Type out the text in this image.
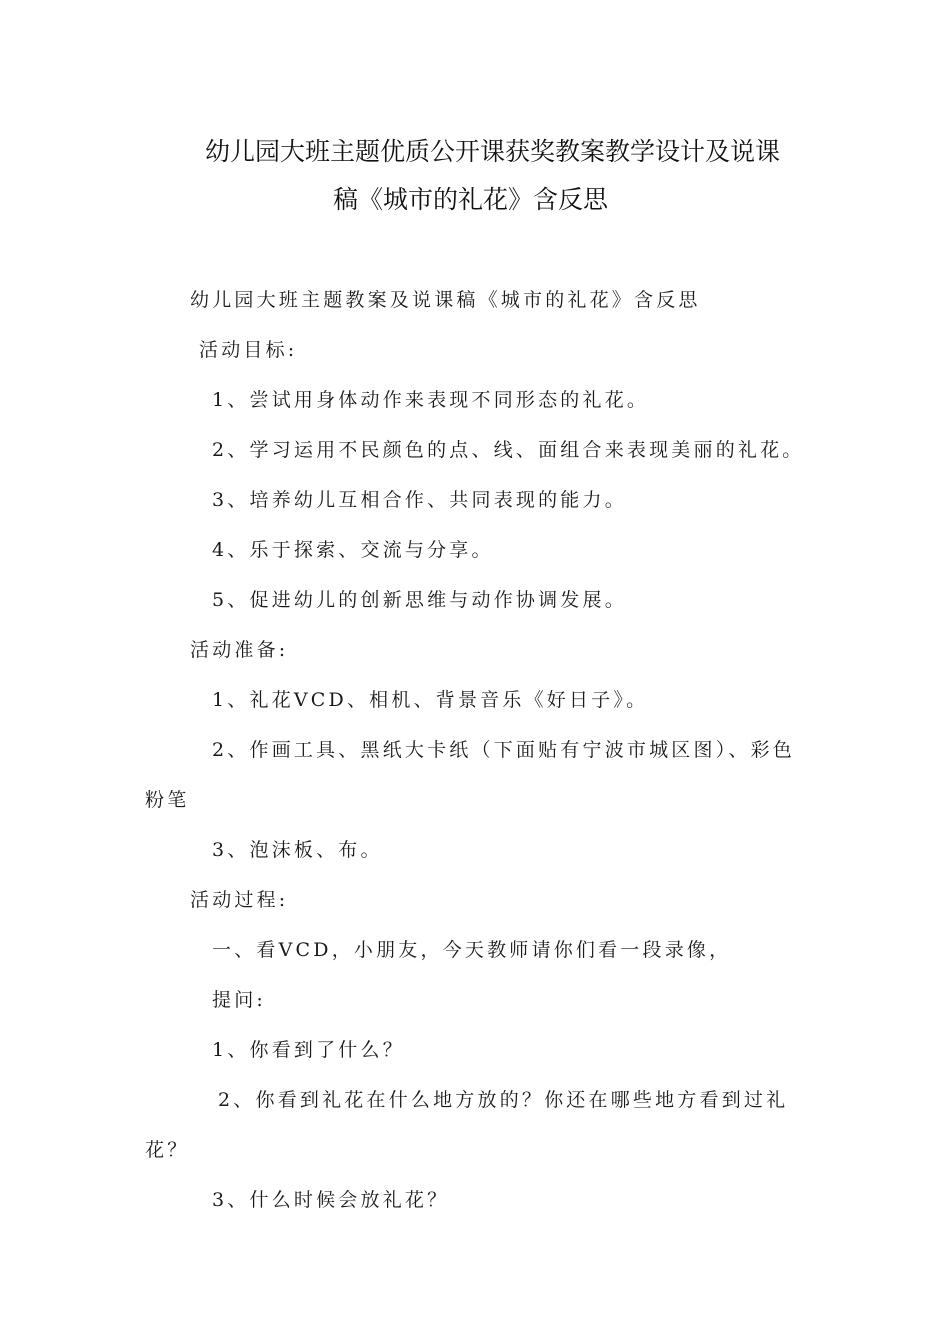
幼儿园大班主题优质公开课获奖教案教学设计及说课
稿《城市的礼花》含反思
幼儿园大班主题教案及说课稿《城市的礼花》含反思
活动目标:
1、尝试用身体动作来表现不同形态的礼花。
2、学习运用不民颜色的点、线、面组合来表现美丽的礼花。
3、培养幼儿互相合作、共同表现的能力。
4、乐于探索、交流与分享。
5、促进幼儿的创新思维与动作协调发展。
活动准备:
1、礼花VCD、相机、背景音乐《好日子》。
2、作画工具、黑纸大卡纸（下面贴有宁波市城区图）、彩色
粉笔
3、泡沫板、布。
活动过程:
一、看VCD，小朋友，今天教师请你们看一段录像，
提问:
1、你看到了什么？
2、你看到礼花在什么地方放的？你还在哪些地方看到过礼
花？
3、什么时候会放礼花？
